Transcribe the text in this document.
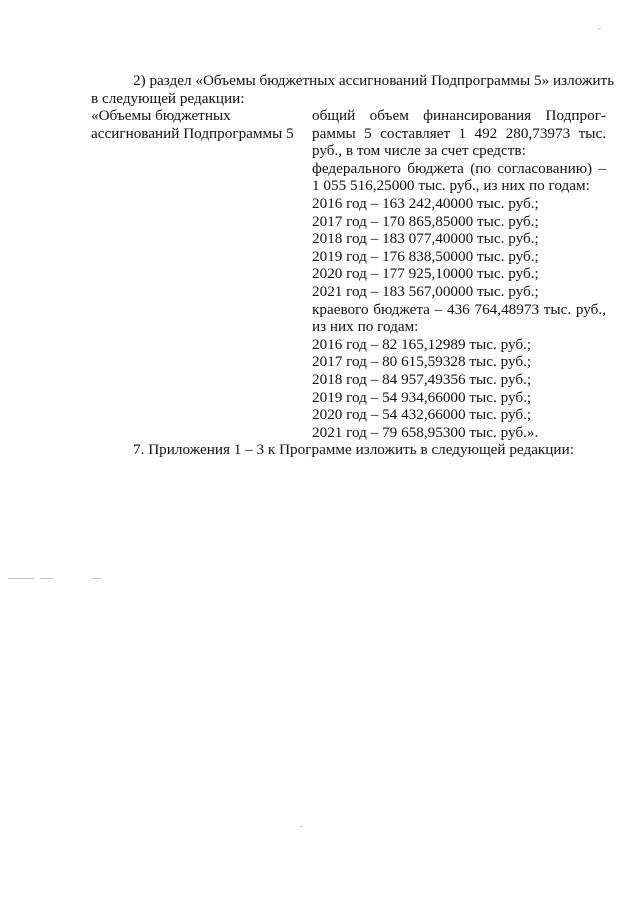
2) раздел «Объемы бюджетных ассигнований Подпрограммы 5» изложить
в следующей редакции:
«Объемы бюджетных
ассигнований Подпрограммы 5
общий объем финансирования Подпрог-
раммы 5 составляет 1 492 280,73973 тыс.
руб., в том числе за счет средств:
федерального бюджета (по согласованию) –
1 055 516,25000 тыс. руб., из них по годам:
2016 год – 163 242,40000 тыс. руб.;
2017 год – 170 865,85000 тыс. руб.;
2018 год – 183 077,40000 тыс. руб.;
2019 год – 176 838,50000 тыс. руб.;
2020 год – 177 925,10000 тыс. руб.;
2021 год – 183 567,00000 тыс. руб.;
краевого бюджета – 436 764,48973 тыс. руб.,
из них по годам:
2016 год – 82 165,12989 тыс. руб.;
2017 год – 80 615,59328 тыс. руб.;
2018 год – 84 957,49356 тыс. руб.;
2019 год – 54 934,66000 тыс. руб.;
2020 год – 54 432,66000 тыс. руб.;
2021 год – 79 658,95300 тыс. руб.».
7. Приложения 1 – 3 к Программе изложить в следующей редакции:
